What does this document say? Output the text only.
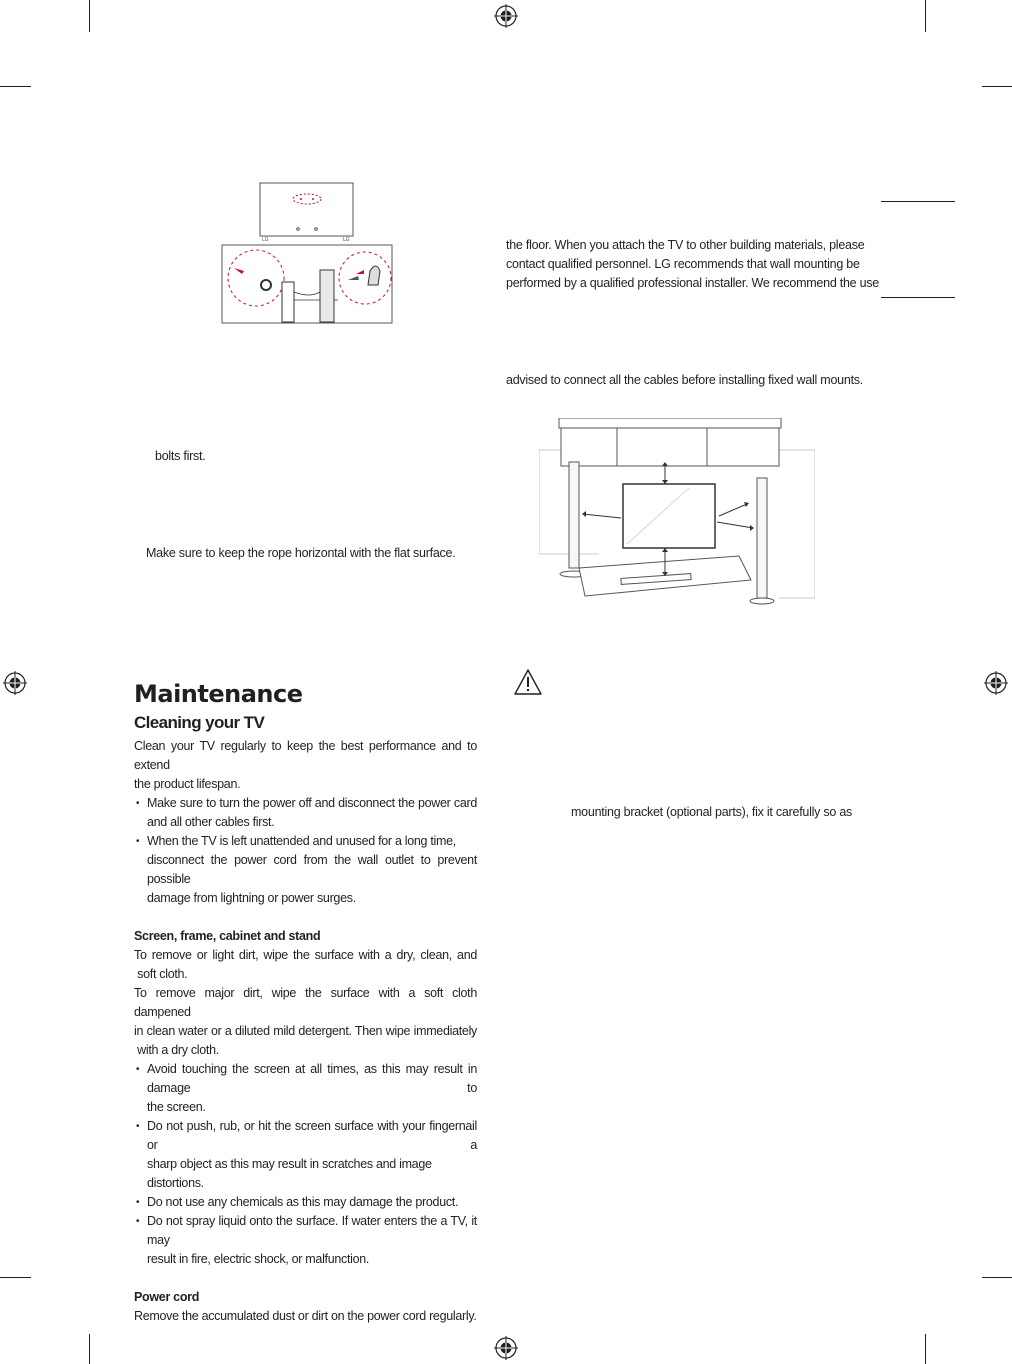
LG	LG	the floor. When you attach the TV to other building materials, please
contact qualified personnel. LG recommends that wall mounting be
performed by a qualified professional installer. We recommend the use
advised to connect all the cables before installing fixed wall mounts.
bolts first.
Make sure to keep the rope horizontal with the flat surface.
Maintenance
Cleaning your TV
Clean your TV regularly to keep the best performance and to extend
the product lifespan.
• Make sure to turn the power off and disconnect the power card
and all other cables first.
• When the TV is left unattended and unused for a long time,
disconnect the power cord from the wall outlet to prevent possible
damage from lightning or power surges.
Screen, frame, cabinet and stand
To remove or light dirt, wipe the surface with a dry, clean, and
soft cloth.
To remove major dirt, wipe the surface with a soft cloth dampened
in clean water or a diluted mild detergent. Then wipe immediately
with a dry cloth.
• Avoid touching the screen at all times, as this may result in damage to
the screen.
• Do not push, rub, or hit the screen surface with your fingernail or a
sharp object as this may result in scratches and image distortions.
• Do not use any chemicals as this may damage the product.
• Do not spray liquid onto the surface. If water enters the a TV, it may
result in fire, electric shock, or malfunction.
Power cord
Remove the accumulated dust or dirt on the power cord regularly.
mounting bracket (optional parts), fix it carefully so as
